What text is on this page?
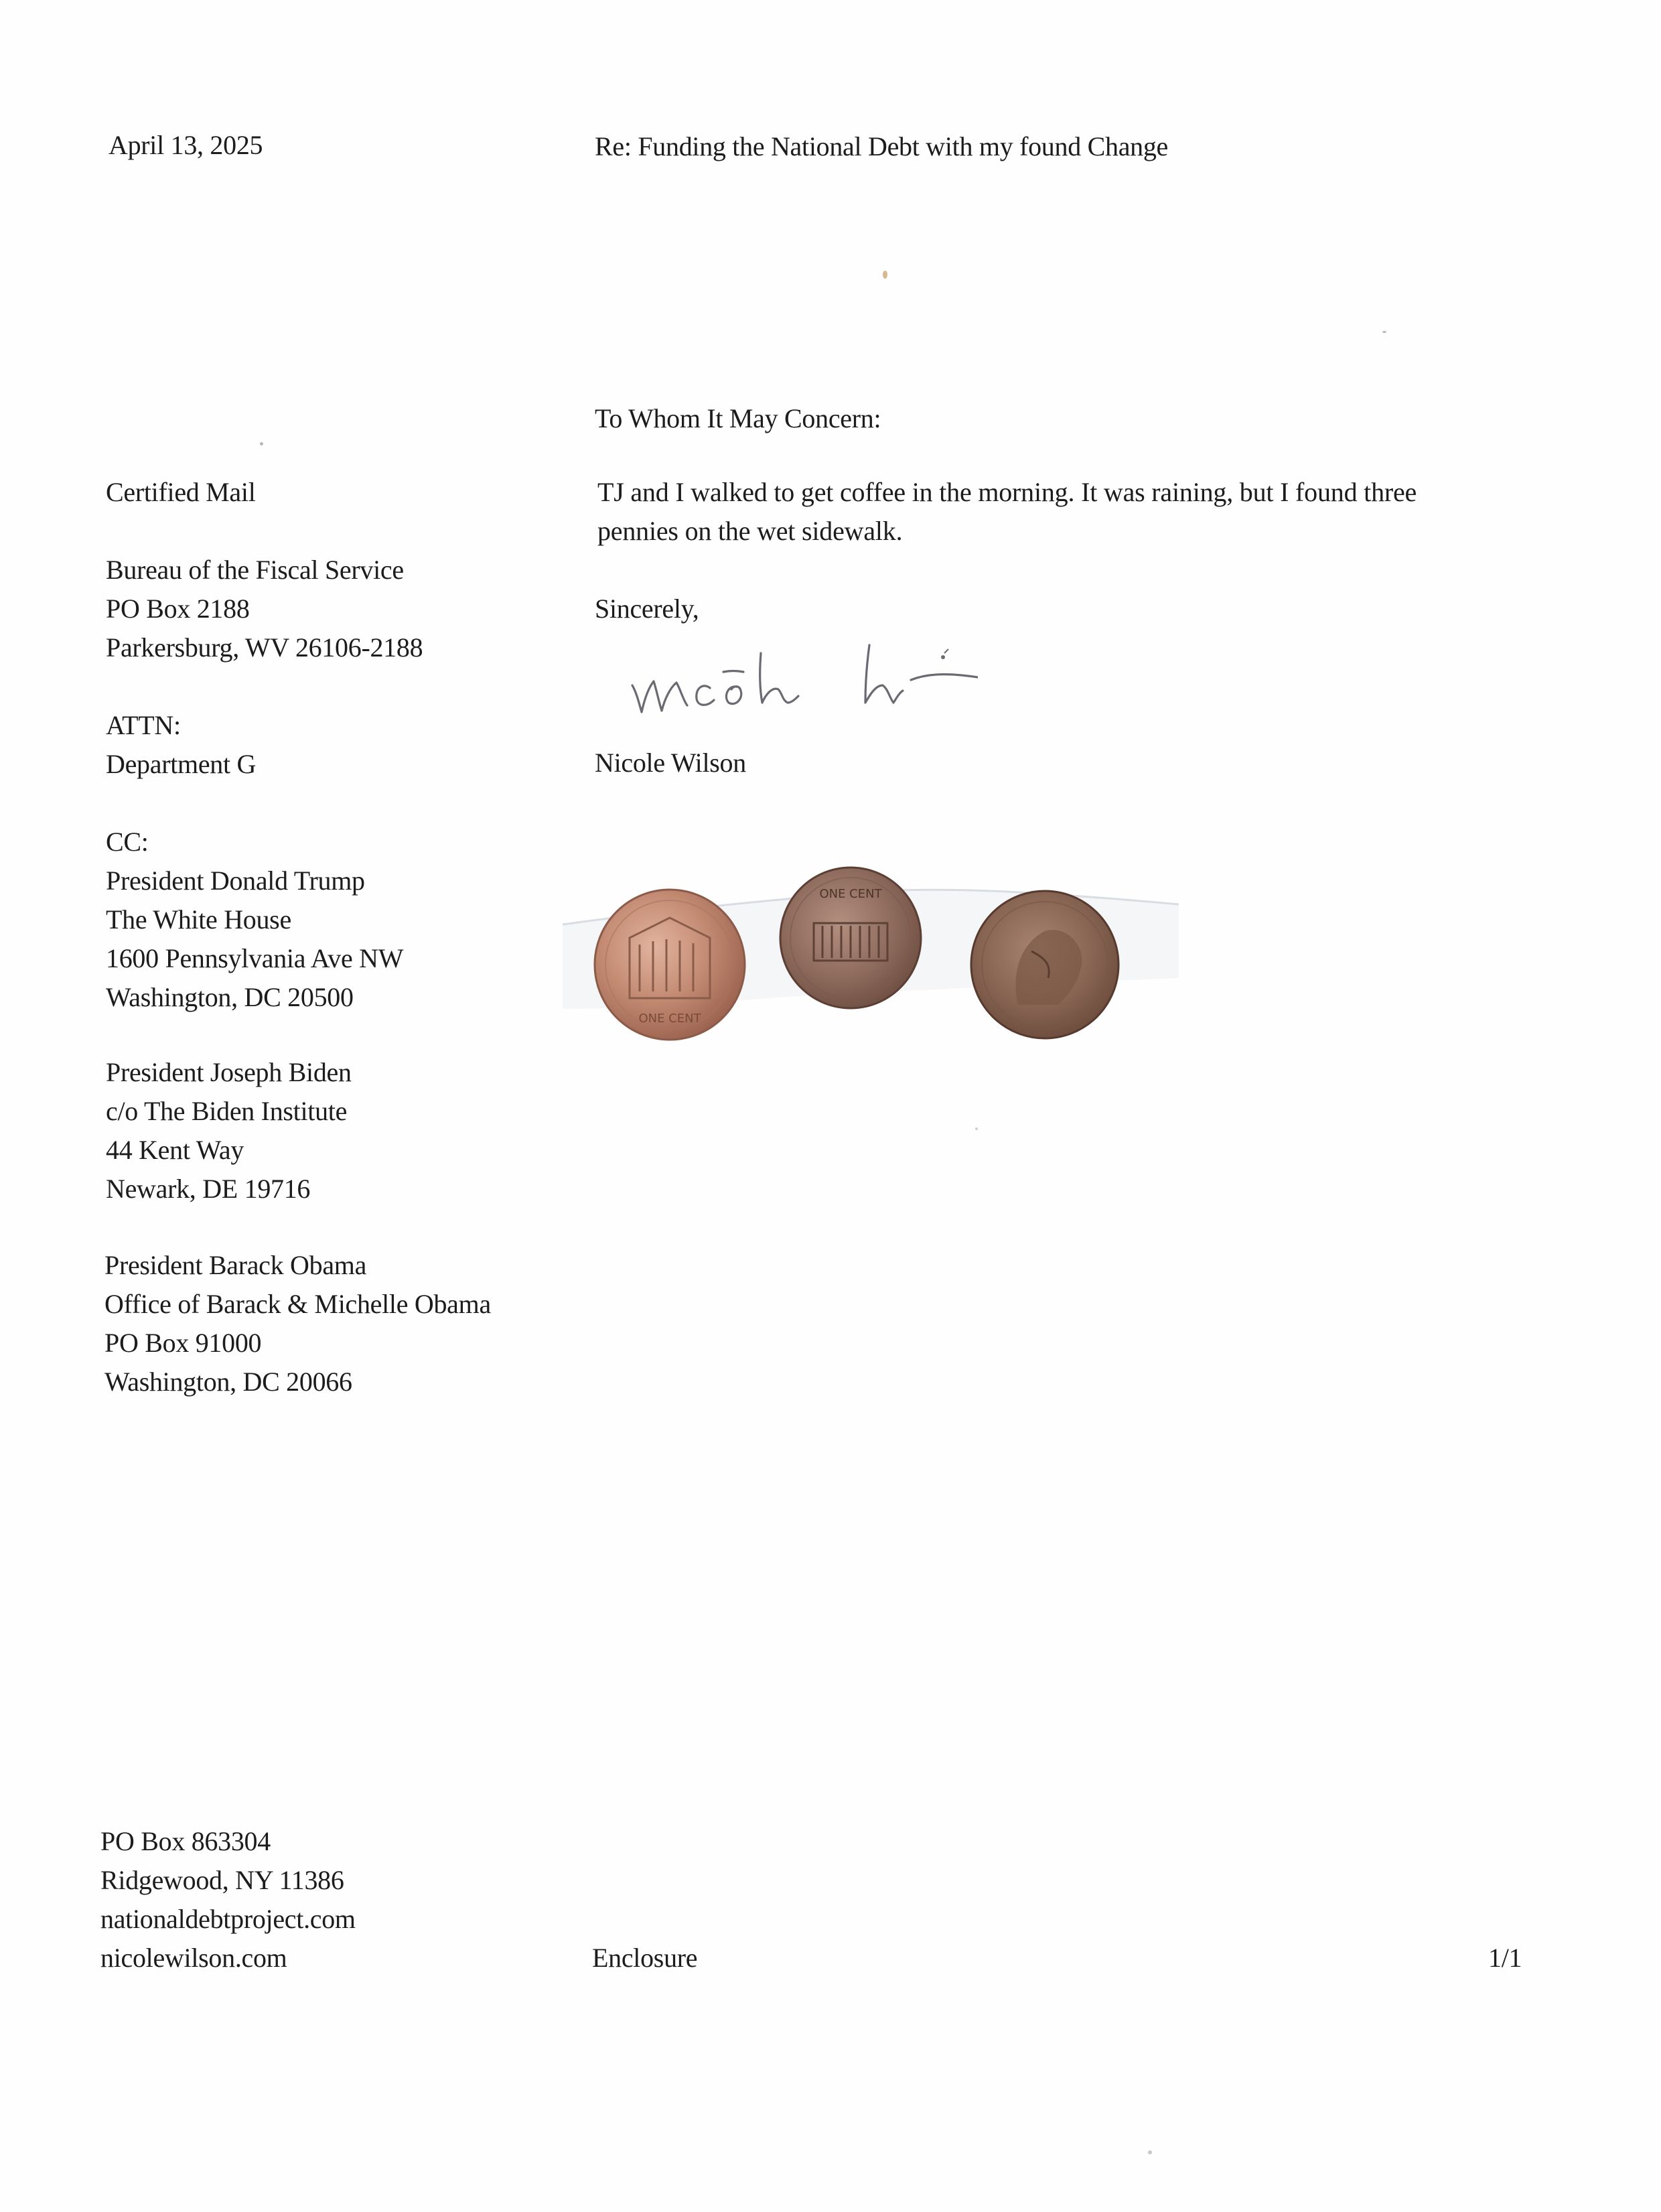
April 13, 2025	Re: Funding the National Debt with my found Change
To Whom It May Concern:
TJ and I walked to get coffee in the morning. It was raining, but I found three pennies on the wet sidewalk.
Sincerely,
Nicole Wilson
Certified Mail
Bureau of the Fiscal Service
PO Box 2188
Parkersburg, WV 26106-2188
ATTN:
Department G
CC:
President Donald Trump
The White House
1600 Pennsylvania Ave NW
Washington, DC 20500
President Joseph Biden
c/o The Biden Institute
44 Kent Way
Newark, DE 19716
President Barack Obama
Office of Barack & Michelle Obama
PO Box 91000
Washington, DC 20066
ONE CENT
ONE CENT
PO Box 863304
Ridgewood, NY 11386
nationaldebtproject.com
nicolewilson.com	Enclosure	1/1
